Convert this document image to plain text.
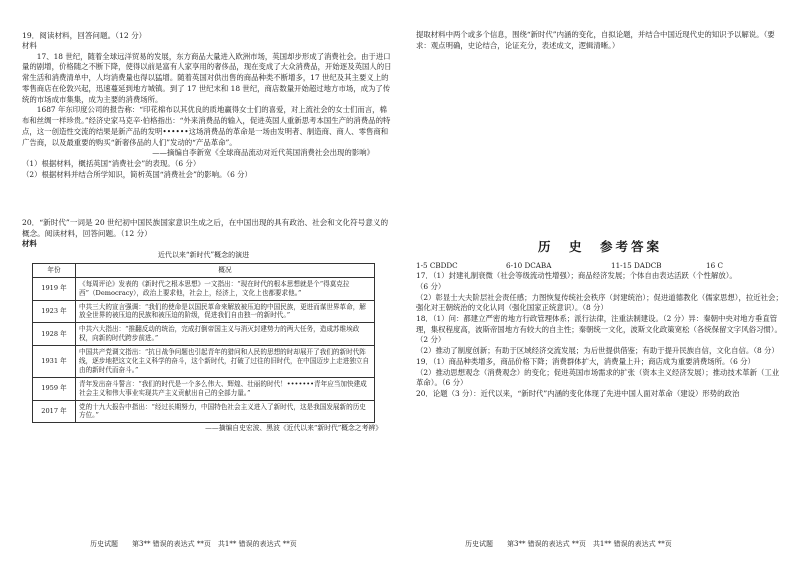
19．阅读材料，回答问题。（12 分）

材料

17、18 世纪，随着全球远洋贸易的发展，东方商品大量进入欧洲市场，英国却步形成了消费社会。由于进口量的剧增，价格随之不断下降，使得以前是富有人家享用的奢侈品，现在变成了大众消费品，开始逐及英国人的日常生活和消费清单中，人均消费量也得以猛增。随着英国对供出售的商品种类不断增多，17 世纪及其主要义上的零售商店在伦敦兴起，迅速蔓延到地方城镇。到了 17 世纪末和 18 世纪，商店数量开始超过地方市场，成为了传统的市场成市集集，成为主要的消费场所。

1687 年东印度公司的报告称：“印花棉布以其优良的质地赢得女士们的喜爱，对上流社会的女士们而言，棉布和丝绸一样珍贵。”经济史家马克辛·伯格指出：“外来消费品的输入，促进英国人重新思考本国生产的消费品的特点，这一创造性交流的结果是新产品的发明••••••这场消费品的革命是一场由发明者、制造商、商人、零售商和广告商，以及最重要的购买“新奢侈品的人们”发动的“产品革命”。

——摘编自李新宽《全球商品流动对近代英国消费社会出现的影响》

（1）根据材料，概括英国“消费社会”的表现。（6 分）

（2）根据材料并结合所学知识，简析英国“消费社会”的影响。（6 分）

20．“新时代”一词是 20 世纪初中国民族国家意识生成之后，在中国出现的具有政治、社会和文化符号意义的概念。阅读材料，回答问题。（12 分）

材料

近代以来“新时代”概念的演进
年份	概况
1919 年	《每周评论》发表的《新时代之根本思想》一文指出：“现在时代的根本思想就是个“得莫克拉西”（Democracy），政治上要求他，社会上，经济上，文化上也都要求他。”
1923 年	中共三大的宣言强调：“我们的使命是以国民革命来解放被压迫的中国民族，更进而谋世界革命，解放全世界的被压迫的民族和被压迫的阶级，促进我们自由独一的新时代。”
1928 年	中共六大指出：“推翻反动的统治，完成打倒帝国主义与消灭封建势力的两大任务，造成苏维埃政权，向新的时代跨步前进。”
1931 年	中国共产党调文指出：“抗日战争问题也引起青年的猎问和人民的思想的时却展开了我们的新时代阵线，逐步地把这文化主义科学的奋斗，这个新时代，打破了过往的旧时代，在中国迈步上走进独立自由的新时代而奋斗。”
1959 年	青年发出奋斗誓言：“我们的时代是一个多么伟大、辉煌、壮丽的时代！•••••••青年应当加快建成社会主义和伟大事业实现共产主义贡献出自己的全部力量。”
2017 年	党的十九大报告中指出：“经过长期努力，中国特色社会主义进入了新时代，这是我国发展新的历史方位。”

——摘编自史宏波、黑波《近代以来“新时代”概念之考辨》

提取材料中两个或多个信息，围绕“新时代”内涵的变化，自拟论题，并结合中国近现代史的知识予以解说。（要求：观点明确，史论结合，论证充分，表述成文，逻辑清晰。）

历　史　参考答案

1-5 CBDDC	6-10 DCABA	11-15 DADCB	16 C

17．（1）封建礼制衰微（社会等级流动性增强）；商品经济发展；个体自由表达活跃（个性解放）。

（6 分）

（2）彰显士大夫阶层社会责任感；力图恢复传统社会秩序（封建统治）；促进道德教化（儒家思想），拉近社会；强化对王朝统治的文化认同（强化国家正统意识）。（8 分）

18．（1）问：都建立严密的地方行政管理体系；派行法律，注重法制建设。（2 分）异：秦朝中央对地方垂直管理，集权程度高，波斯帝国地方有较大的自主性；秦朝统一文化，波斯文化政策宽松（各统保留文字风俗习惯）。（2 分）

（2）推动了制度创新；有助于区域经济交流发展；为后世提供借鉴；有助于提升民族自信，文化自信。（8 分）

19．（1）商品种类增多，商品价格下降；消费群体扩大，消费量上升；商店成为重要消费场所。（6 分）

（2）推动思想观念（消费观念）的变化；促进英国市场需求的扩张（资本主义经济发展）；推动技术革新（工业革命）。（6 分）

20．论题（3 分）：近代以来，“新时代”内涵的变化体现了先进中国人面对革命（建设）形势的政治

历史试题　　第3** 错误的表达式 **页　共1** 错误的表达式 **页	历史试题　　第3** 错误的表达式 **页　共1** 错误的表达式 **页
